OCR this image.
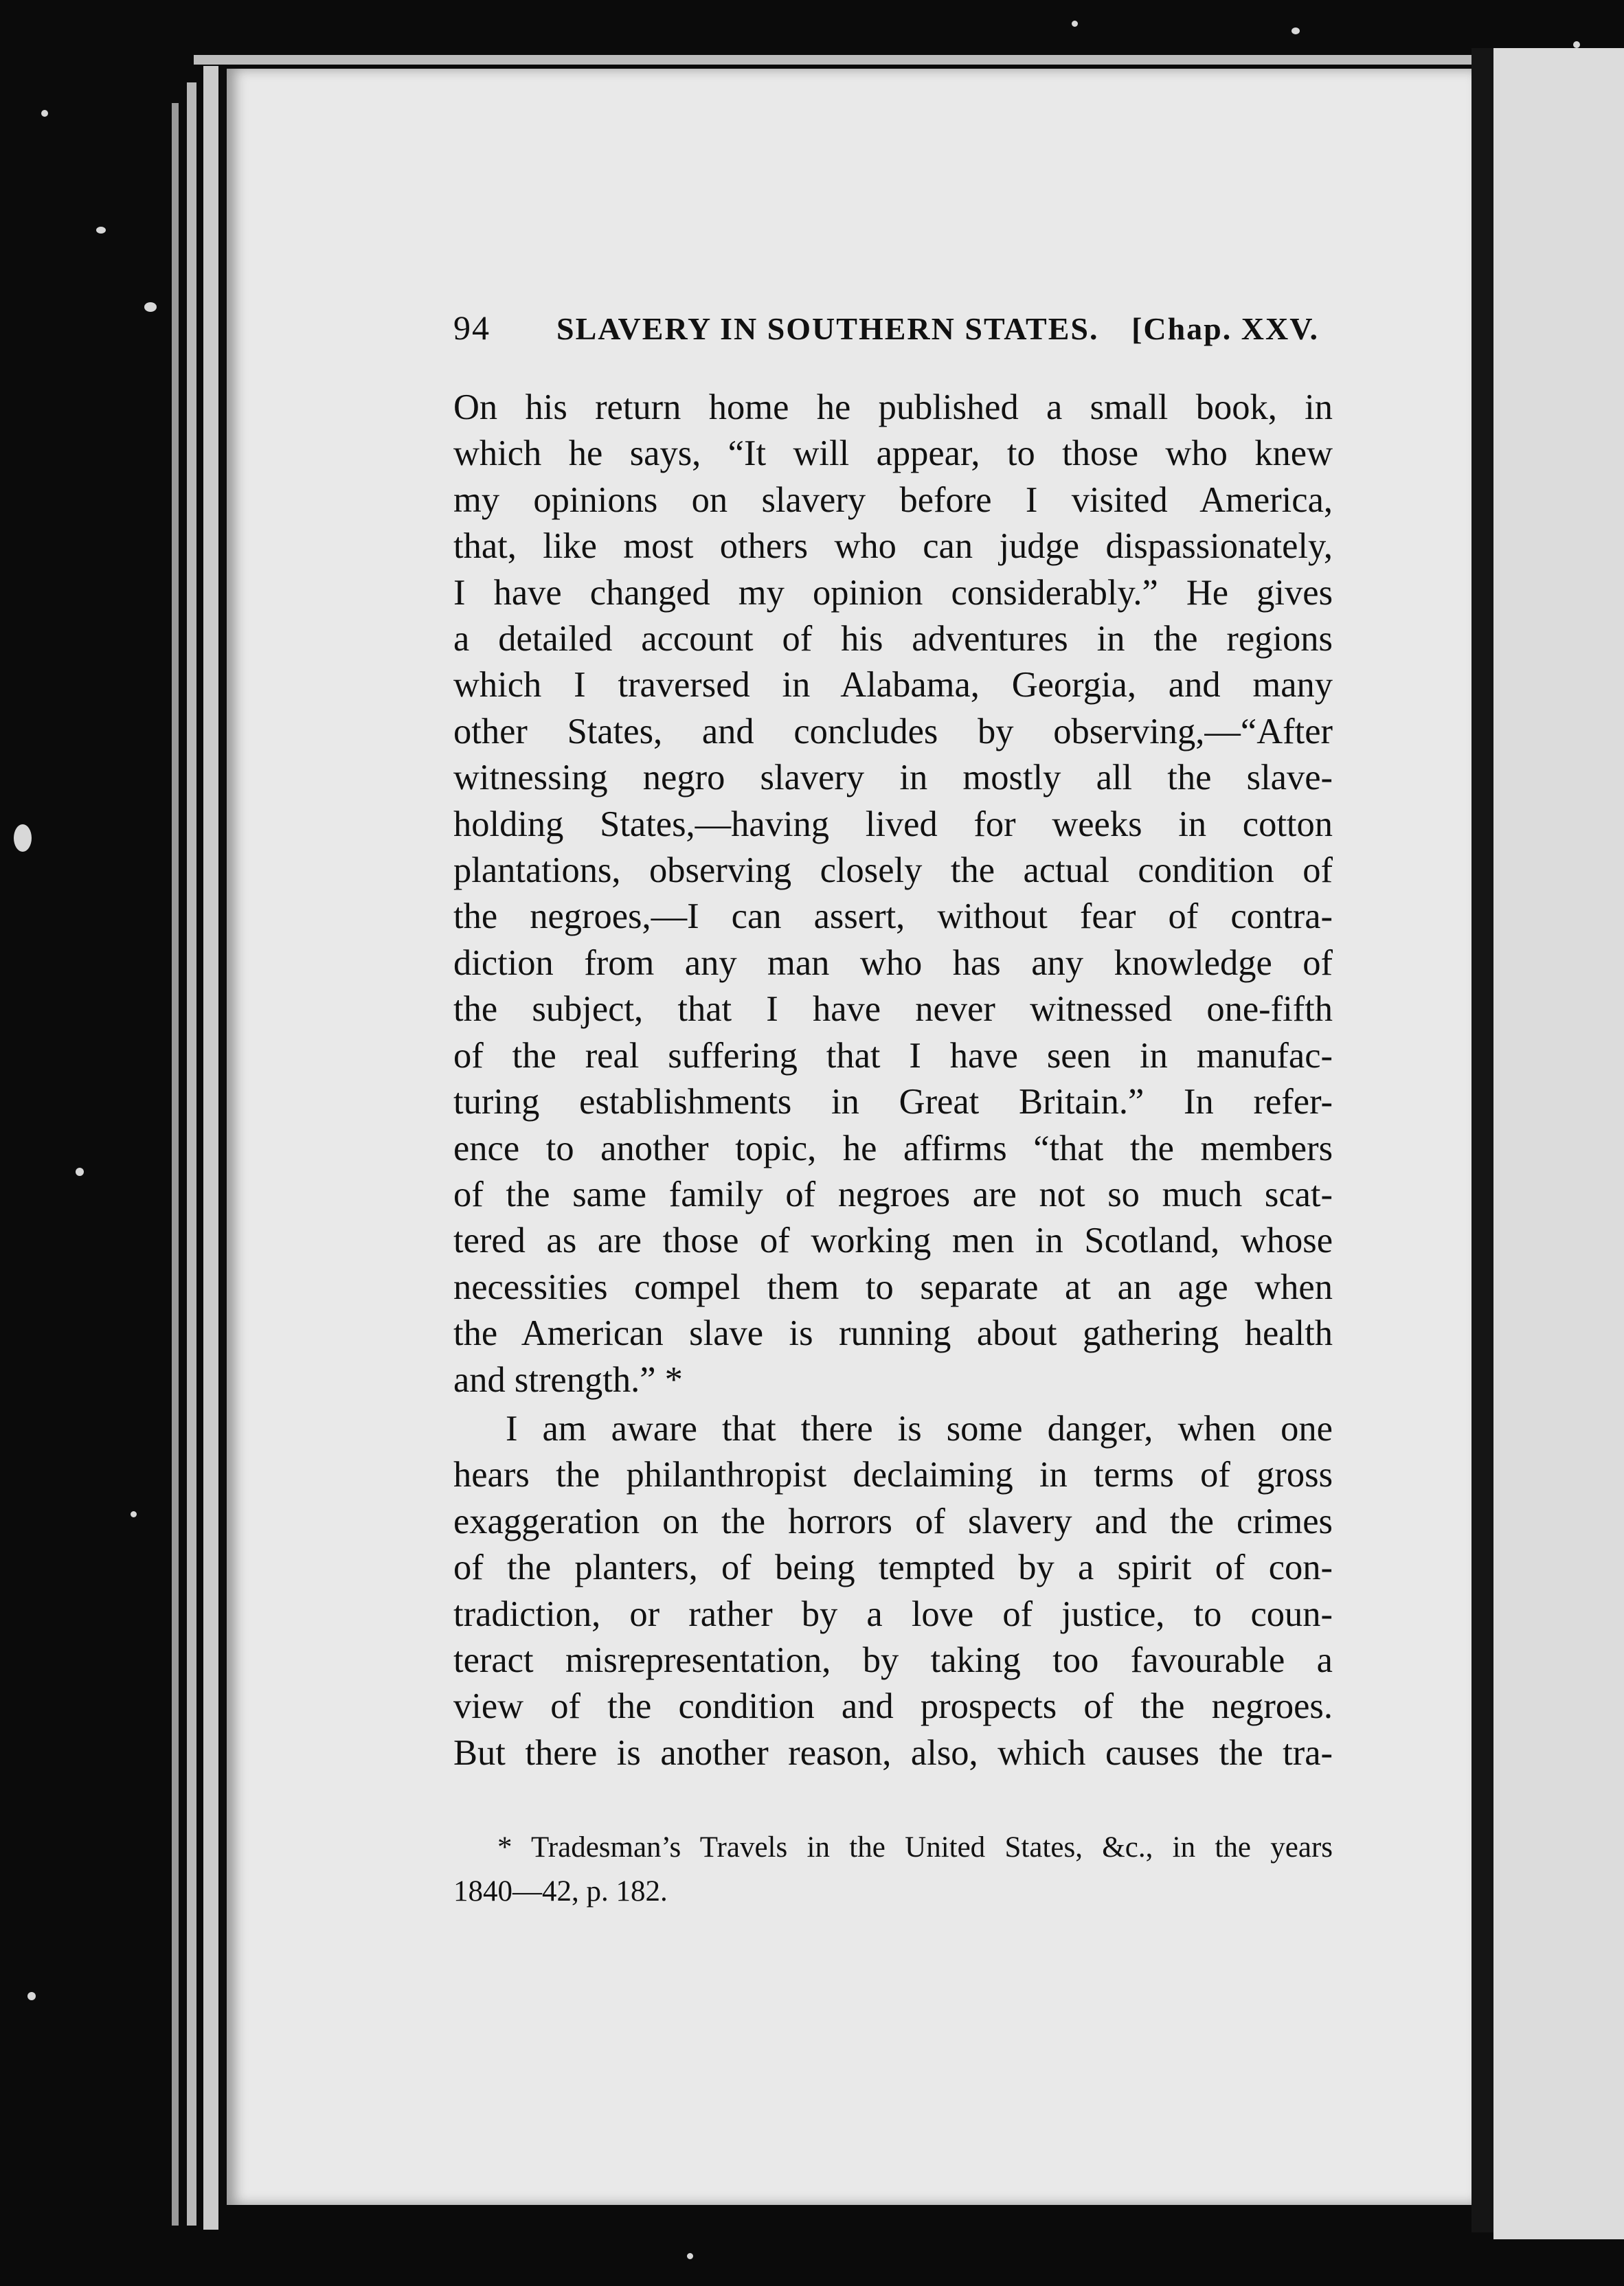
94	SLAVERY IN SOUTHERN STATES.	[Chap. XXV.
On his return home he published a small book, in
which he says, “It will appear, to those who knew
my opinions on slavery before I visited America,
that, like most others who can judge dispassionately,
I have changed my opinion considerably.” He gives
a detailed account of his adventures in the regions
which I traversed in Alabama, Georgia, and many
other States, and concludes by observing,—“After
witnessing negro slavery in mostly all the slave-
holding States,—having lived for weeks in cotton
plantations, observing closely the actual condition of
the negroes,—I can assert, without fear of contra-
diction from any man who has any knowledge of
the subject, that I have never witnessed one-fifth
of the real suffering that I have seen in manufac-
turing establishments in Great Britain.” In refer-
ence to another topic, he affirms “that the members
of the same family of negroes are not so much scat-
tered as are those of working men in Scotland, whose
necessities compel them to separate at an age when
the American slave is running about gathering health
and strength.” *
I am aware that there is some danger, when one
hears the philanthropist declaiming in terms of gross
exaggeration on the horrors of slavery and the crimes
of the planters, of being tempted by a spirit of con-
tradiction, or rather by a love of justice, to coun-
teract misrepresentation, by taking too favourable a
view of the condition and prospects of the negroes.
But there is another reason, also, which causes the tra-
* Tradesman’s Travels in the United States, &c., in the years
1840—42, p. 182.
